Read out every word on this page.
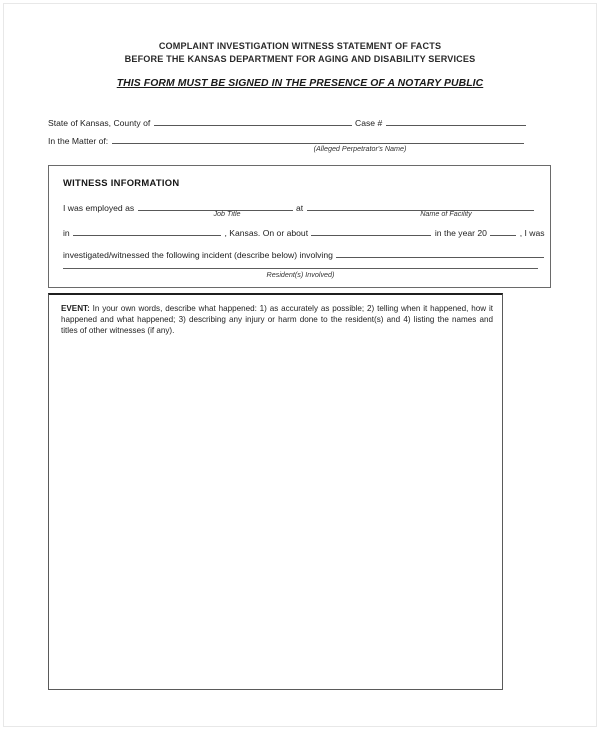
COMPLAINT INVESTIGATION WITNESS STATEMENT OF FACTS
BEFORE THE KANSAS DEPARTMENT FOR AGING AND DISABILITY SERVICES
THIS FORM MUST BE SIGNED IN THE PRESENCE OF A NOTARY PUBLIC
State of Kansas, County of	Case #
In the Matter of:
(Alleged Perpetrator's Name)
WITNESS INFORMATION
I was employed as	at
Job Title	Name of Facility
in	, Kansas. On or about	in the year 20	, I was
investigated/witnessed the following incident (describe below) involving
Resident(s) Involved)
EVENT: In your own words, describe what happened: 1) as accurately as possible; 2) telling when it happened, how it happened and what happened; 3) describing any injury or harm done to the resident(s) and 4) listing the names and titles of other witnesses (if any).
